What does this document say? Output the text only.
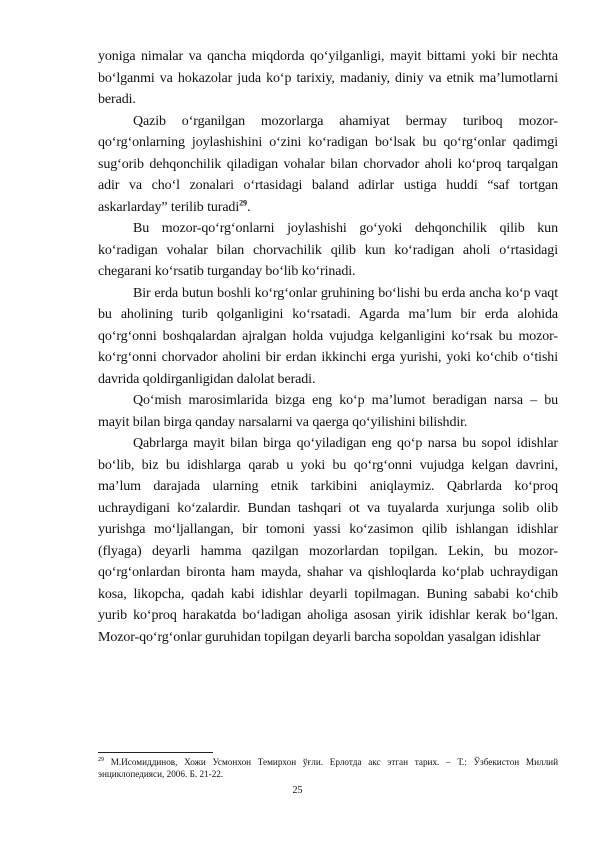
yoniga nimalar va qancha miqdorda qo‘yilganligi, mayit bittami yoki bir nechta bo‘lganmi va hokazolar juda ko‘p tarixiy, madaniy, diniy va etnik ma’lumotlarni beradi.

Qazib o‘rganilgan mozorlarga ahamiyat bermay turiboq mozor-qo‘rg‘onlarning joylashishini o‘zini ko‘radigan bo‘lsak bu qo‘rg‘onlar qadimgi sug‘orib dehqonchilik qiladigan vohalar bilan chorvador aholi ko‘proq tarqalgan adir va cho‘l zonalari o‘rtasidagi baland adirlar ustiga huddi “saf tortgan askarlarday” terilib turadi$^{29}$.

Bu mozor-qo‘rg‘onlarni joylashishi go‘yoki dehqonchilik qilib kun ko‘radigan vohalar bilan chorvachilik qilib kun ko‘radigan aholi o‘rtasidagi chegarani ko‘rsatib turganday bo‘lib ko‘rinadi.

Bir erda butun boshli ko‘rg‘onlar gruhining bo‘lishi bu erda ancha ko‘p vaqt bu aholining turib qolganligini ko‘rsatadi. Agarda ma’lum bir erda alohida qo‘rg‘onni boshqalardan ajralgan holda vujudga kelganligini ko‘rsak bu mozor-ko‘rg‘onni chorvador aholini bir erdan ikkinchi erga yurishi, yoki ko‘chib o‘tishi davrida qoldirganligidan dalolat beradi.

Qo‘mish marosimlarida bizga eng ko‘p ma’lumot beradigan narsa – bu mayit bilan birga qanday narsalarni va qaerga qo‘yilishini bilishdir.

Qabrlarga mayit bilan birga qo‘yiladigan eng qo‘p narsa bu sopol idishlar bo‘lib, biz bu idishlarga qarab u yoki bu qo‘rg‘onni vujudga kelgan davrini, ma’lum darajada ularning etnik tarkibini aniqlaymiz. Qabrlarda ko‘proq uchraydigani ko‘zalardir. Bundan tashqari ot va tuyalarda xurjunga solib olib yurishga mo‘ljallangan, bir tomoni yassi ko‘zasimon qilib ishlangan idishlar (flyaga) deyarli hamma qazilgan mozorlardan topilgan. Lekin, bu mozor-qo‘rg‘onlardan bironta ham mayda, shahar va qishloqlarda ko‘plab uchraydigan kosa, likopcha, qadah kabi idishlar deyarli topilmagan. Buning sababi ko‘chib yurib ko‘proq harakatda bo‘ladigan aholiga asosan yirik idishlar kerak bo‘lgan. Mozor-qo‘rg‘onlar guruhidan topilgan deyarli barcha sopoldan yasalgan idishlar

$^{29}$ М.Исомиддинов, Хожи Усмонхон Темирхон ўғли. Ерлотда акс этган тарих. – Т.: Ўзбекистон Миллий энциклопедияси, 2006. Б. 21-22.

25
